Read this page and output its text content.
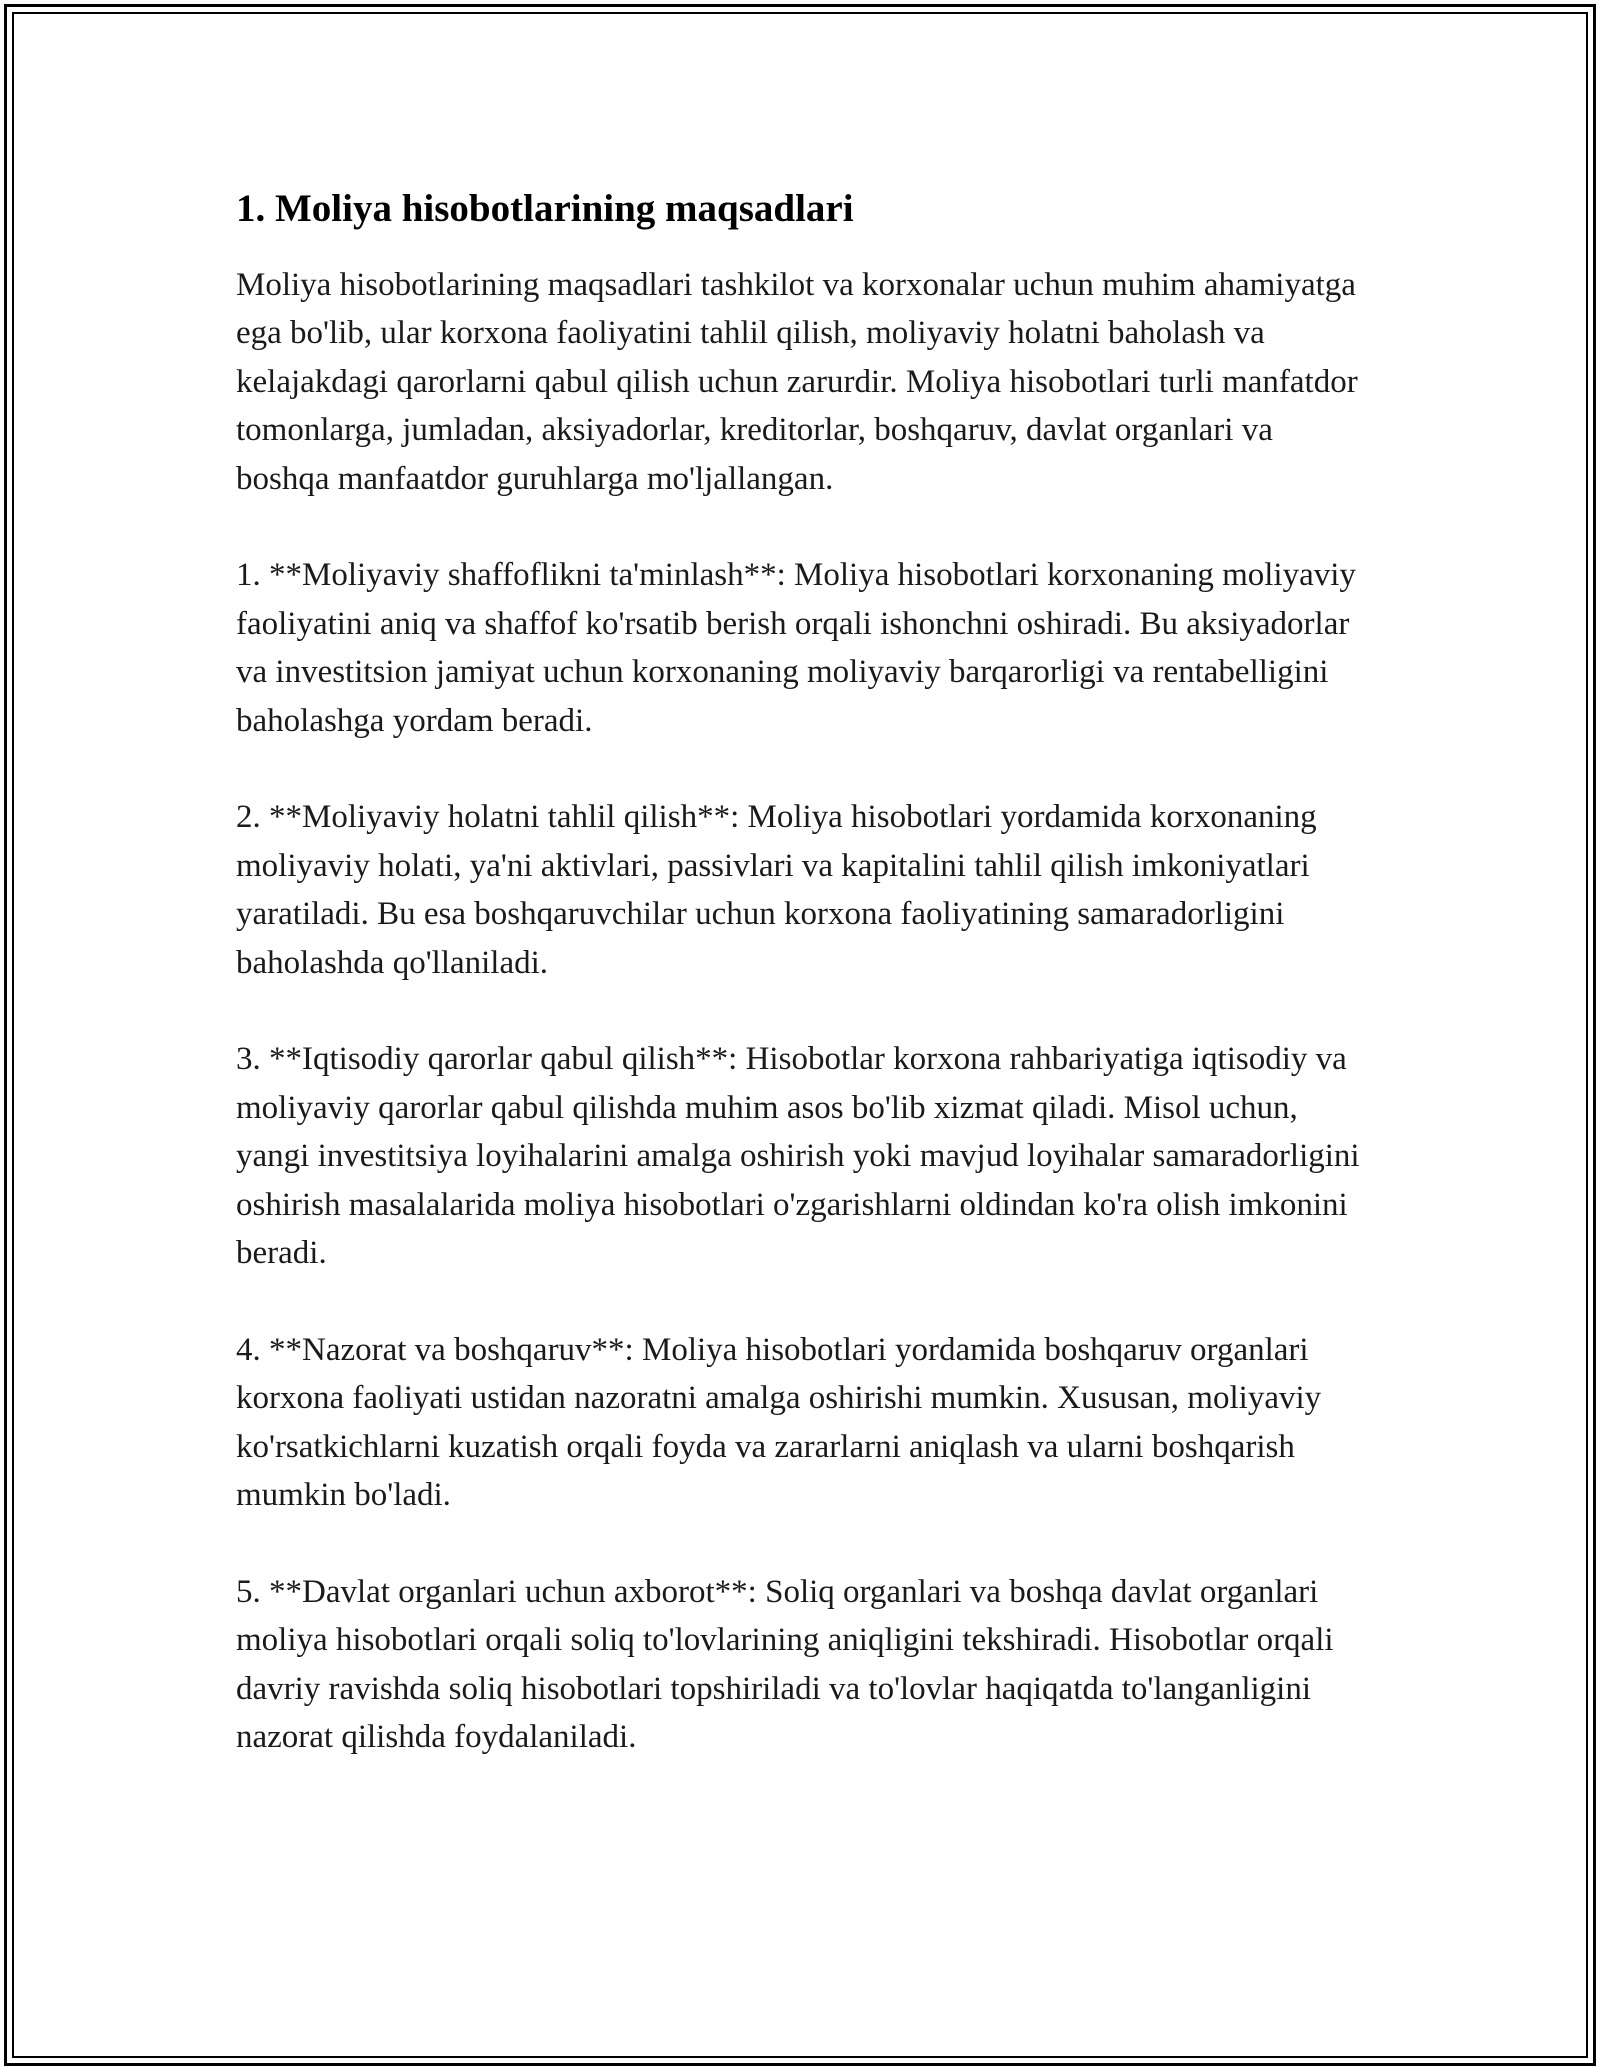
1. Moliya hisobotlarining maqsadlari

Moliya hisobotlarining maqsadlari tashkilot va korxonalar uchun muhim ahamiyatga ega bo'lib, ular korxona faoliyatini tahlil qilish, moliyaviy holatni baholash va kelajakdagi qarorlarni qabul qilish uchun zarurdir. Moliya hisobotlari turli manfatdor tomonlarga, jumladan, aksiyadorlar, kreditorlar, boshqaruv, davlat organlari va boshqa manfaatdor guruhlarga mo'ljallangan.

1. **Moliyaviy shaffoflikni ta'minlash**: Moliya hisobotlari korxonaning moliyaviy faoliyatini aniq va shaffof ko'rsatib berish orqali ishonchni oshiradi. Bu aksiyadorlar va investitsion jamiyat uchun korxonaning moliyaviy barqarorligi va rentabelligini baholashga yordam beradi.

2. **Moliyaviy holatni tahlil qilish**: Moliya hisobotlari yordamida korxonaning moliyaviy holati, ya'ni aktivlari, passivlari va kapitalini tahlil qilish imkoniyatlari yaratiladi. Bu esa boshqaruvchilar uchun korxona faoliyatining samaradorligini baholashda qo'llaniladi.

3. **Iqtisodiy qarorlar qabul qilish**: Hisobotlar korxona rahbariyatiga iqtisodiy va moliyaviy qarorlar qabul qilishda muhim asos bo'lib xizmat qiladi. Misol uchun, yangi investitsiya loyihalarini amalga oshirish yoki mavjud loyihalar samaradorligini oshirish masalalarida moliya hisobotlari o'zgarishlarni oldindan ko'ra olish imkonini beradi.

4. **Nazorat va boshqaruv**: Moliya hisobotlari yordamida boshqaruv organlari korxona faoliyati ustidan nazoratni amalga oshirishi mumkin. Xususan, moliyaviy ko'rsatkichlarni kuzatish orqali foyda va zararlarni aniqlash va ularni boshqarish mumkin bo'ladi.

5. **Davlat organlari uchun axborot**: Soliq organlari va boshqa davlat organlari moliya hisobotlari orqali soliq to'lovlarining aniqligini tekshiradi. Hisobotlar orqali davriy ravishda soliq hisobotlari topshiriladi va to'lovlar haqiqatda to'langanligini nazorat qilishda foydalaniladi.
